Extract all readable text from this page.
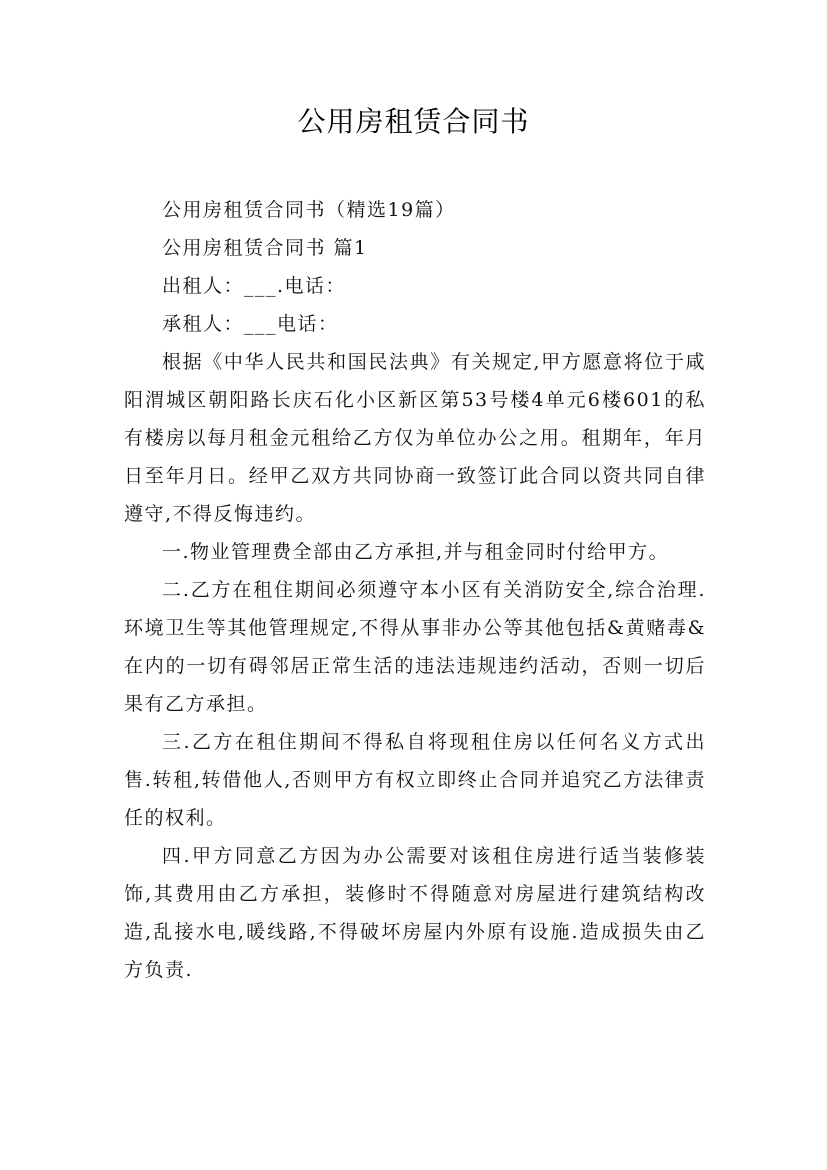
公用房租赁合同书

公用房租赁合同书（精选19篇）

公用房租赁合同书 篇1

出租人：___.电话：

承租人：___电话：

根据《中华人民共和国民法典》有关规定,甲方愿意将位于咸阳渭城区朝阳路长庆石化小区新区第53号楼4单元6楼601的私有楼房以每月租金元租给乙方仅为单位办公之用。租期年，年月日至年月日。经甲乙双方共同协商一致签订此合同以资共同自律遵守,不得反悔违约。

一.物业管理费全部由乙方承担,并与租金同时付给甲方。

二.乙方在租住期间必须遵守本小区有关消防安全,综合治理.环境卫生等其他管理规定,不得从事非办公等其他包括&黄赌毒&在内的一切有碍邻居正常生活的违法违规违约活动，否则一切后果有乙方承担。

三.乙方在租住期间不得私自将现租住房以任何名义方式出售.转租,转借他人,否则甲方有权立即终止合同并追究乙方法律责任的权利。

四.甲方同意乙方因为办公需要对该租住房进行适当装修装饰,其费用由乙方承担，装修时不得随意对房屋进行建筑结构改造,乱接水电,暖线路,不得破坏房屋内外原有设施.造成损失由乙方负责.
